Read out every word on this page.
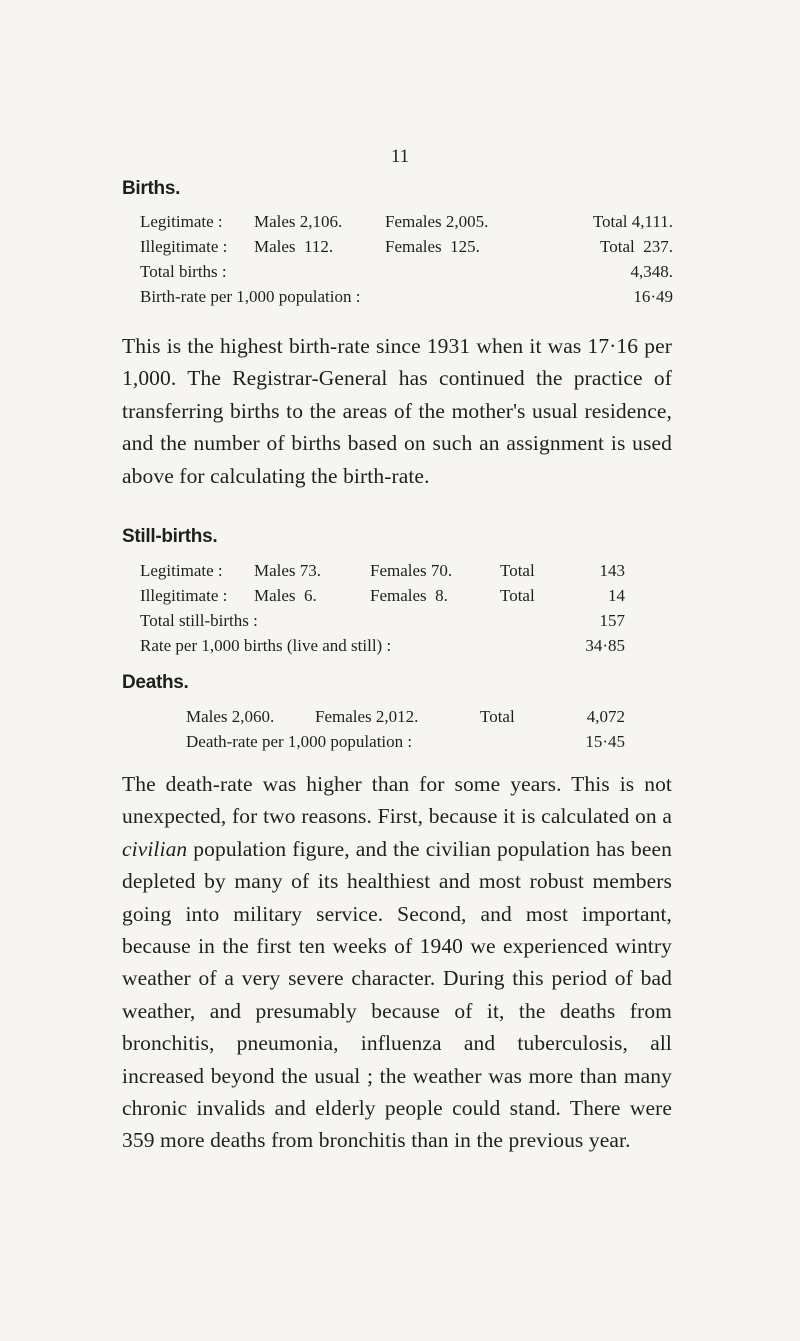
11
Births.
Legitimate : Males 2,106.	Females 2,005.	Total 4,111.
Illegitimate : Males  112.	Females  125.	Total  237.
Total births :	4,348.
Birth-rate per 1,000 population :	16·49

This is the highest birth-rate since 1931 when it was 17·16 per 1,000. The Registrar-General has continued the practice of transferring births to the areas of the mother's usual residence, and the number of births based on such an assignment is used above for calculating the birth-rate.

Still-births.
Legitimate : Males 73.	Females 70.	Total	143
Illegitimate : Males  6.	Females  8.	Total	14
Total still-births :	157
Rate per 1,000 births (live and still) :	34·85
Deaths.
Males 2,060. Females 2,012.	Total	4,072
Death-rate per 1,000 population :	15·45

The death-rate was higher than for some years. This is not unexpected, for two reasons. First, because it is calculated on a civilian population figure, and the civilian population has been depleted by many of its healthiest and most robust members going into military service. Second, and most important, because in the first ten weeks of 1940 we experienced wintry weather of a very severe character. During this period of bad weather, and presumably because of it, the deaths from bronchitis, pneumonia, influenza and tuberculosis, all increased beyond the usual ; the weather was more than many chronic invalids and elderly people could stand. There were 359 more deaths from bronchitis than in the previous year.
